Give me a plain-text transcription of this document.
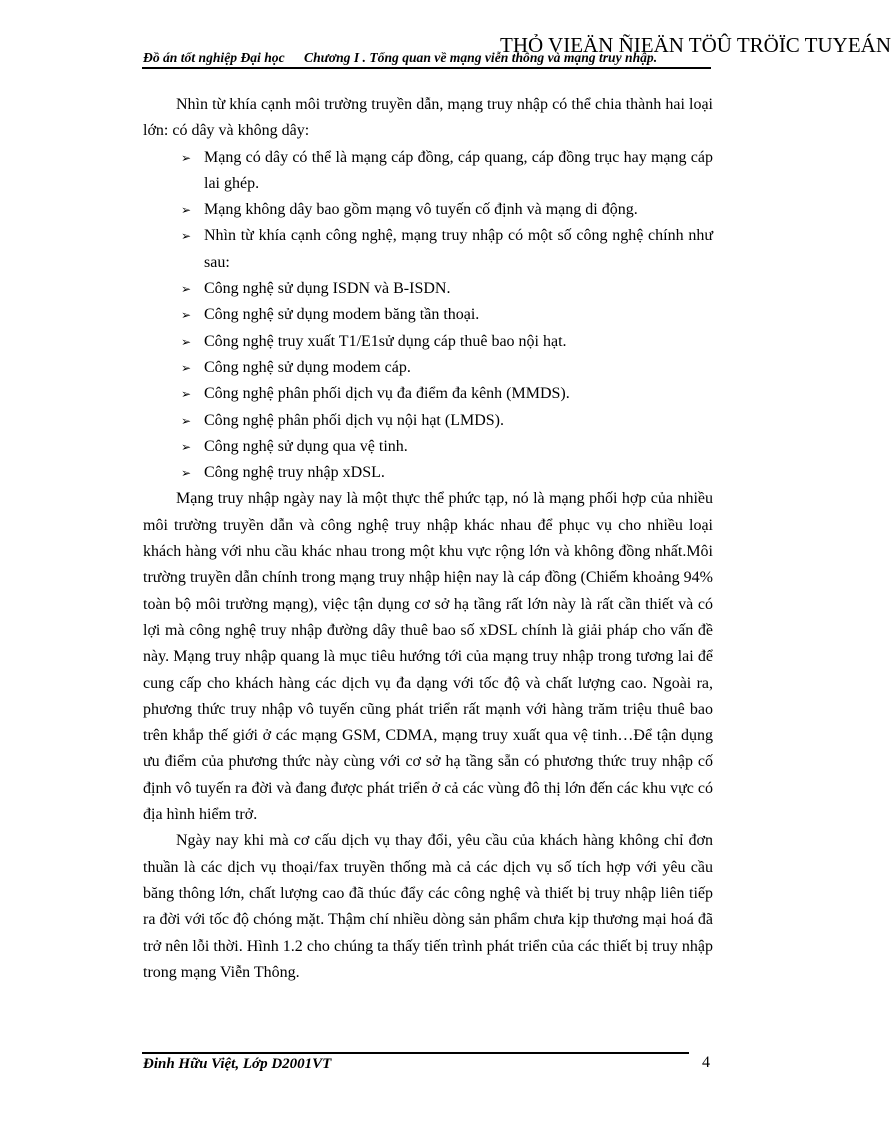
THỎ VIEÄN ÑIEÄN TÖÛ TRÖÏC TUYEÁN
Đồ án tốt nghiệp Đại học Chương I . Tổng quan về mạng viễn thông và mạng truy nhập.

Nhìn từ khía cạnh môi trường truyền dẫn, mạng truy nhập có thể chia thành hai loại lớn: có dây và không dây:

➢ Mạng có dây có thể là mạng cáp đồng, cáp quang, cáp đồng trục hay mạng cáp lai ghép.
➢ Mạng không dây bao gồm mạng vô tuyến cố định và mạng di động.
➢ Nhìn từ khía cạnh công nghệ, mạng truy nhập có một số công nghệ chính như sau:
➢ Công nghệ sử dụng ISDN và B-ISDN.
➢ Công nghệ sử dụng modem băng tần thoại.
➢ Công nghệ truy xuất T1/E1sử dụng cáp thuê bao nội hạt.
➢ Công nghệ sử dụng modem cáp.
➢ Công nghệ phân phối dịch vụ đa điểm đa kênh (MMDS).
➢ Công nghệ phân phối dịch vụ nội hạt (LMDS).
➢ Công nghệ sử dụng qua vệ tinh.
➢ Công nghệ truy nhập xDSL.

Mạng truy nhập ngày nay là một thực thể phức tạp, nó là mạng phối hợp của nhiều môi trường truyền dẫn và công nghệ truy nhập khác nhau để phục vụ cho nhiều loại khách hàng với nhu cầu khác nhau trong một khu vực rộng lớn và không đồng nhất.Môi trường truyền dẫn chính trong mạng truy nhập hiện nay là cáp đồng (Chiếm khoảng 94% toàn bộ môi trường mạng), việc tận dụng cơ sở hạ tầng rất lớn này là rất cần thiết và có lợi mà công nghệ truy nhập đường dây thuê bao số xDSL chính là giải pháp cho vấn đề này. Mạng truy nhập quang là mục tiêu hướng tới của mạng truy nhập trong tương lai để cung cấp cho khách hàng các dịch vụ đa dạng với tốc độ và chất lượng cao. Ngoài ra, phương thức truy nhập vô tuyến cũng phát triển rất mạnh với hàng trăm triệu thuê bao trên khắp thế giới ở các mạng GSM, CDMA, mạng truy xuất qua vệ tinh…Để tận dụng ưu điểm của phương thức này cùng với cơ sở hạ tầng sẵn có phương thức truy nhập cố định vô tuyến ra đời và đang được phát triển ở cả các vùng đô thị lớn đến các khu vực có địa hình hiểm trở.

Ngày nay khi mà cơ cấu dịch vụ thay đổi, yêu cầu của khách hàng không chỉ đơn thuần là các dịch vụ thoại/fax truyền thống mà cả các dịch vụ số tích hợp với yêu cầu băng thông lớn, chất lượng cao đã thúc đẩy các công nghệ và thiết bị truy nhập liên tiếp ra đời với tốc độ chóng mặt. Thậm chí nhiều dòng sản phẩm chưa kịp thương mại hoá đã trở nên lỗi thời. Hình 1.2 cho chúng ta thấy tiến trình phát triển của các thiết bị truy nhập trong mạng Viễn Thông.

Đinh Hữu Việt, Lớp D2001VT	4
